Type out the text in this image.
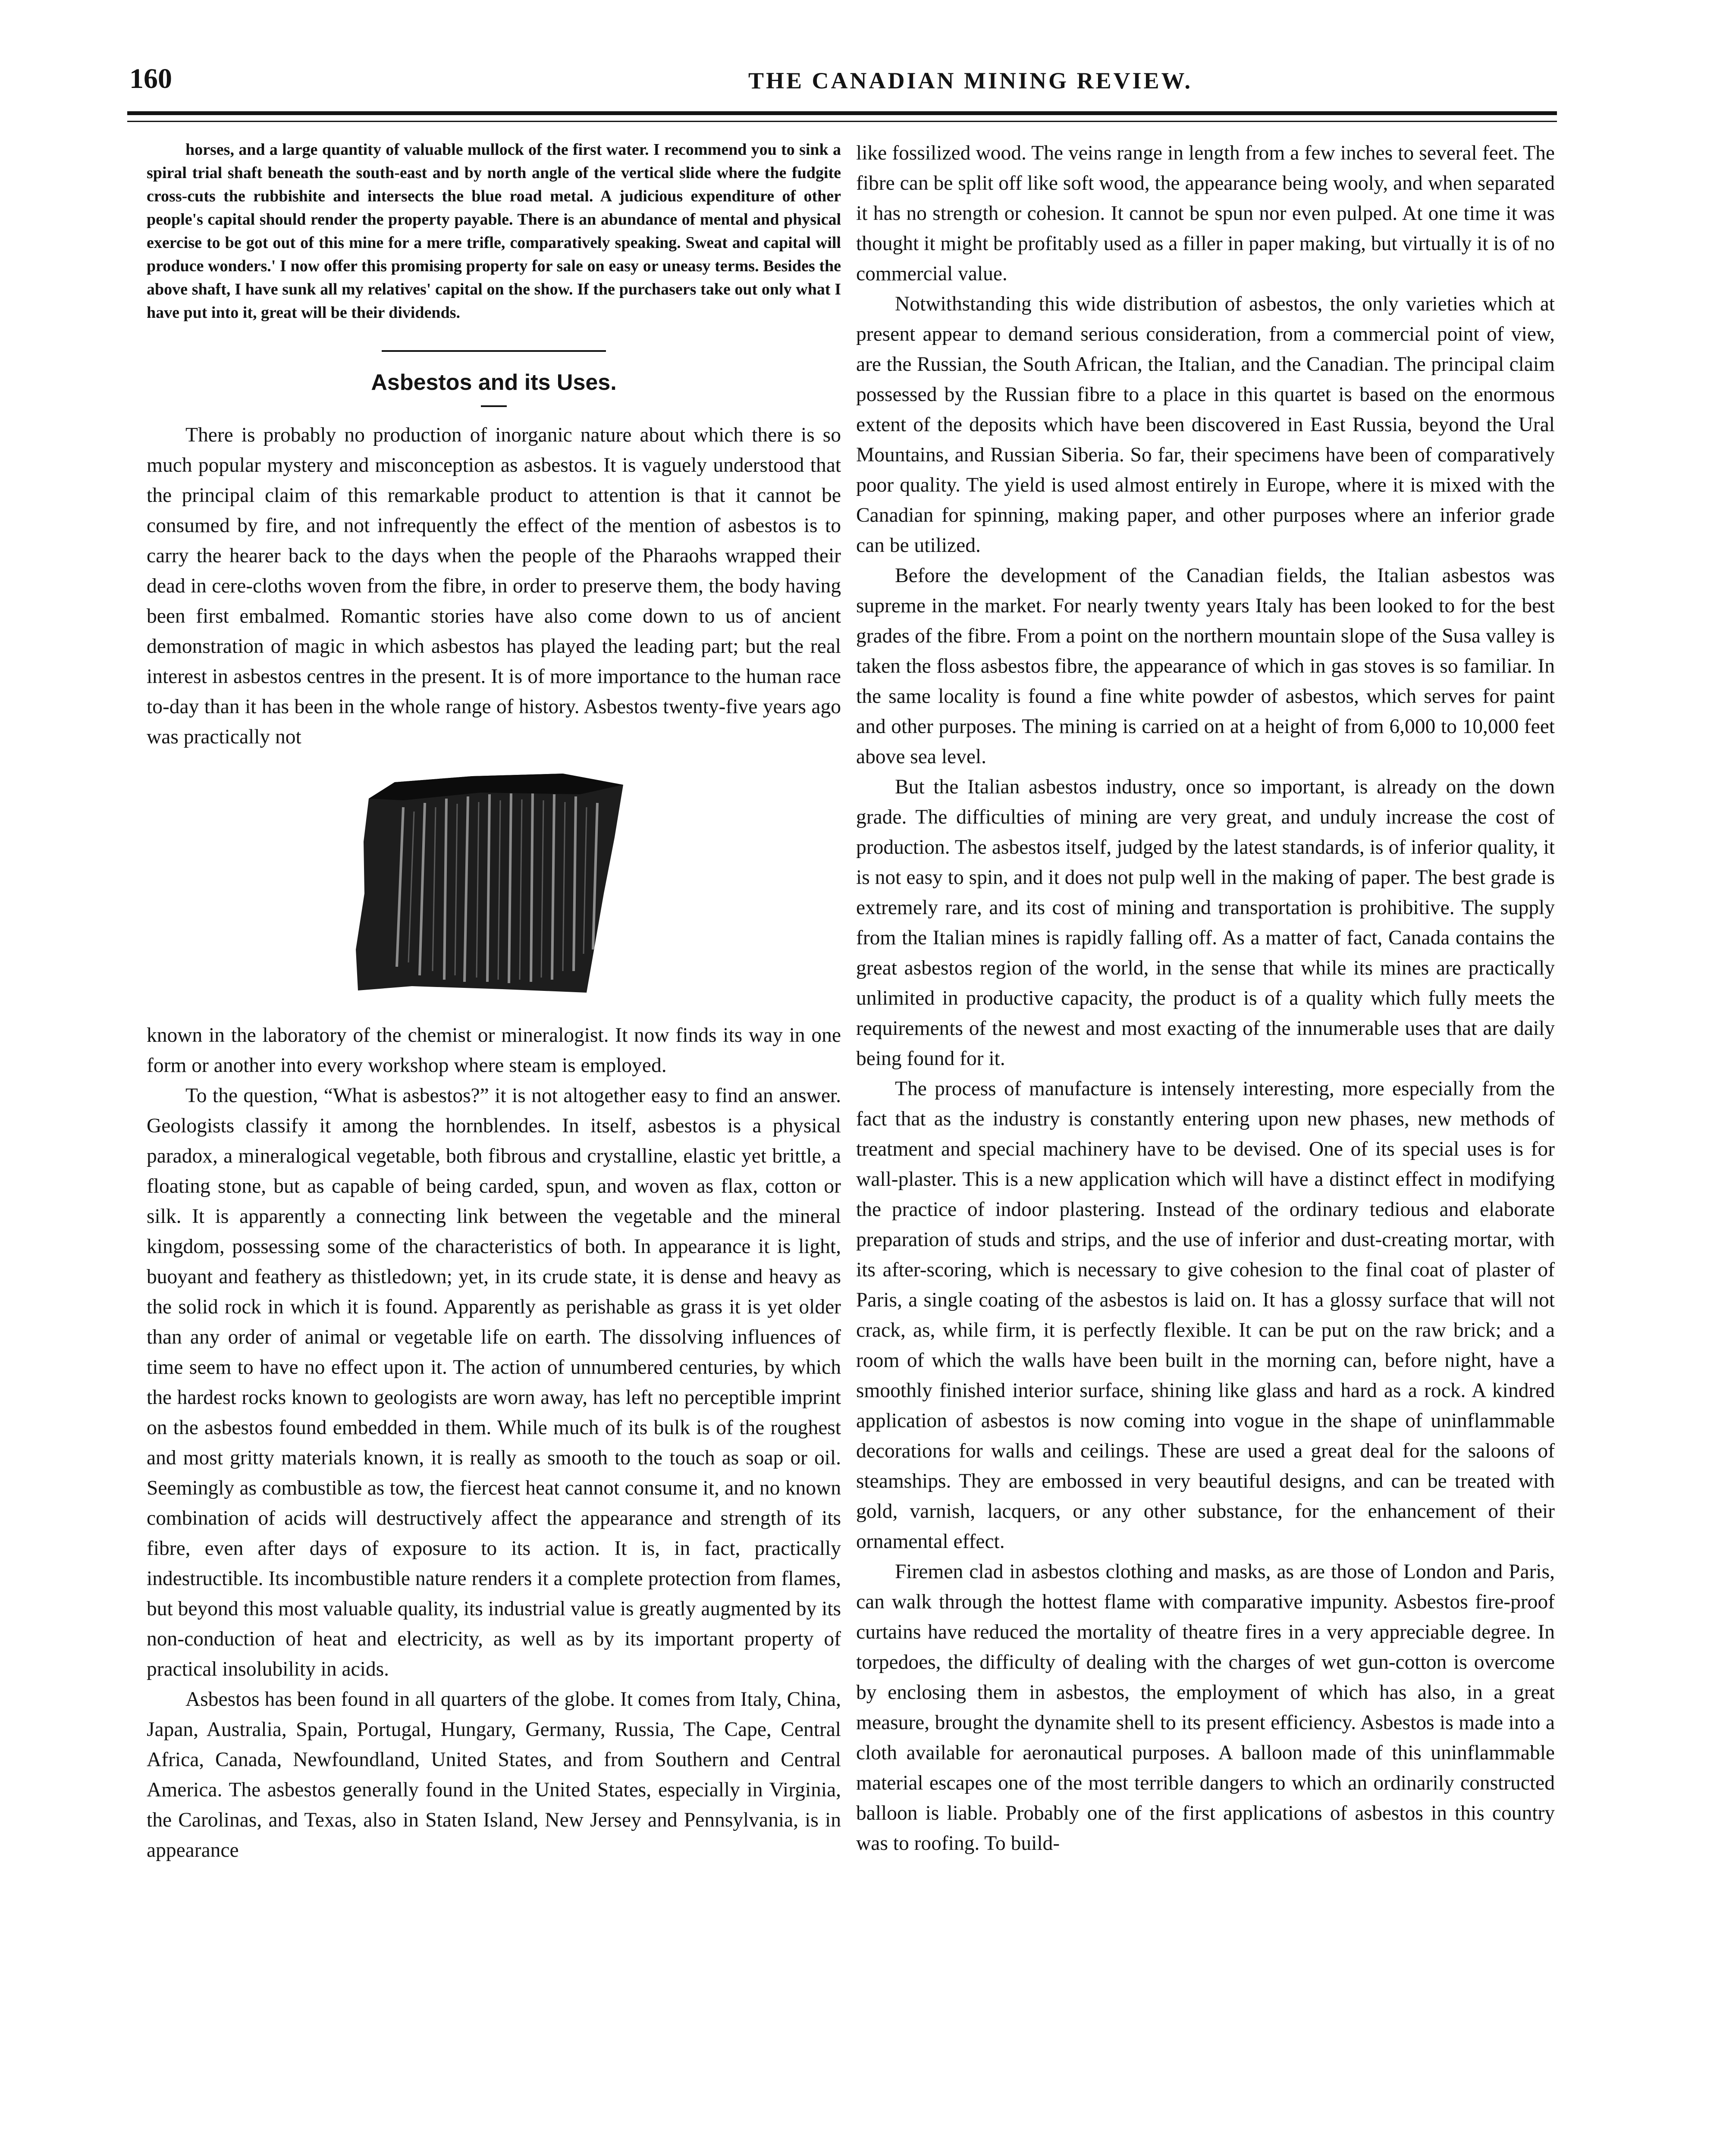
160	THE CANADIAN MINING REVIEW.

horses, and a large quantity of valuable mullock of the first water. I recommend you to sink a spiral trial shaft beneath the south-east and by north angle of the vertical slide where the fudgite cross-cuts the rubbishite and intersects the blue road metal. A judicious expenditure of other people's capital should render the property payable. There is an abundance of mental and physical exercise to be got out of this mine for a mere trifle, comparatively speaking. Sweat and capital will produce wonders.' I now offer this promising property for sale on easy or uneasy terms. Besides the above shaft, I have sunk all my relatives' capital on the show. If the purchasers take out only what I have put into it, great will be their dividends.

Asbestos and its Uses.

There is probably no production of inorganic nature about which there is so much popular mystery and misconception as asbestos. It is vaguely understood that the principal claim of this remarkable product to attention is that it cannot be consumed by fire, and not infrequently the effect of the mention of asbestos is to carry the hearer back to the days when the people of the Pharaohs wrapped their dead in cere-cloths woven from the fibre, in order to preserve them, the body having been first embalmed. Romantic stories have also come down to us of ancient demonstration of magic in which asbestos has played the leading part; but the real interest in asbestos centres in the present. It is of more importance to the human race to-day than it has been in the whole range of history. Asbestos twenty-five years ago was practically not

known in the laboratory of the chemist or mineralogist. It now finds its way in one form or another into every workshop where steam is employed.

To the question, “What is asbestos?” it is not altogether easy to find an answer. Geologists classify it among the hornblendes. In itself, asbestos is a physical paradox, a mineralogical vegetable, both fibrous and crystalline, elastic yet brittle, a floating stone, but as capable of being carded, spun, and woven as flax, cotton or silk. It is apparently a connecting link between the vegetable and the mineral kingdom, possessing some of the characteristics of both. In appearance it is light, buoyant and feathery as thistledown; yet, in its crude state, it is dense and heavy as the solid rock in which it is found. Apparently as perishable as grass it is yet older than any order of animal or vegetable life on earth. The dissolving influences of time seem to have no effect upon it. The action of unnumbered centuries, by which the hardest rocks known to geologists are worn away, has left no perceptible imprint on the asbestos found embedded in them. While much of its bulk is of the roughest and most gritty materials known, it is really as smooth to the touch as soap or oil. Seemingly as combustible as tow, the fiercest heat cannot consume it, and no known combination of acids will destructively affect the appearance and strength of its fibre, even after days of exposure to its action. It is, in fact, practically indestructible. Its incombustible nature renders it a complete protection from flames, but beyond this most valuable quality, its industrial value is greatly augmented by its non-conduction of heat and electricity, as well as by its important property of practical insolubility in acids.

Asbestos has been found in all quarters of the globe. It comes from Italy, China, Japan, Australia, Spain, Portugal, Hungary, Germany, Russia, The Cape, Central Africa, Canada, Newfoundland, United States, and from Southern and Central America. The asbestos generally found in the United States, especially in Virginia, the Carolinas, and Texas, also in Staten Island, New Jersey and Pennsylvania, is in appearance

like fossilized wood. The veins range in length from a few inches to several feet. The fibre can be split off like soft wood, the appearance being wooly, and when separated it has no strength or cohesion. It cannot be spun nor even pulped. At one time it was thought it might be profitably used as a filler in paper making, but virtually it is of no commercial value.

Notwithstanding this wide distribution of asbestos, the only varieties which at present appear to demand serious consideration, from a commercial point of view, are the Russian, the South African, the Italian, and the Canadian. The principal claim possessed by the Russian fibre to a place in this quartet is based on the enormous extent of the deposits which have been discovered in East Russia, beyond the Ural Mountains, and Russian Siberia. So far, their specimens have been of comparatively poor quality. The yield is used almost entirely in Europe, where it is mixed with the Canadian for spinning, making paper, and other purposes where an inferior grade can be utilized.

Before the development of the Canadian fields, the Italian asbestos was supreme in the market. For nearly twenty years Italy has been looked to for the best grades of the fibre. From a point on the northern mountain slope of the Susa valley is taken the floss asbestos fibre, the appearance of which in gas stoves is so familiar. In the same locality is found a fine white powder of asbestos, which serves for paint and other purposes. The mining is carried on at a height of from 6,000 to 10,000 feet above sea level.

But the Italian asbestos industry, once so important, is already on the down grade. The difficulties of mining are very great, and unduly increase the cost of production. The asbestos itself, judged by the latest standards, is of inferior quality, it is not easy to spin, and it does not pulp well in the making of paper. The best grade is extremely rare, and its cost of mining and transportation is prohibitive. The supply from the Italian mines is rapidly falling off. As a matter of fact, Canada contains the great asbestos region of the world, in the sense that while its mines are practically unlimited in productive capacity, the product is of a quality which fully meets the requirements of the newest and most exacting of the innumerable uses that are daily being found for it.

The process of manufacture is intensely interesting, more especially from the fact that as the industry is constantly entering upon new phases, new methods of treatment and special machinery have to be devised. One of its special uses is for wall-plaster. This is a new application which will have a distinct effect in modifying the practice of indoor plastering. Instead of the ordinary tedious and elaborate preparation of studs and strips, and the use of inferior and dust-creating mortar, with its after-scoring, which is necessary to give cohesion to the final coat of plaster of Paris, a single coating of the asbestos is laid on. It has a glossy surface that will not crack, as, while firm, it is perfectly flexible. It can be put on the raw brick; and a room of which the walls have been built in the morning can, before night, have a smoothly finished interior surface, shining like glass and hard as a rock. A kindred application of asbestos is now coming into vogue in the shape of uninflammable decorations for walls and ceilings. These are used a great deal for the saloons of steamships. They are embossed in very beautiful designs, and can be treated with gold, varnish, lacquers, or any other substance, for the enhancement of their ornamental effect.

Firemen clad in asbestos clothing and masks, as are those of London and Paris, can walk through the hottest flame with comparative impunity. Asbestos fire-proof curtains have reduced the mortality of theatre fires in a very appreciable degree. In torpedoes, the difficulty of dealing with the charges of wet gun-cotton is overcome by enclosing them in asbestos, the employment of which has also, in a great measure, brought the dynamite shell to its present efficiency. Asbestos is made into a cloth available for aeronautical purposes. A balloon made of this uninflammable material escapes one of the most terrible dangers to which an ordinarily constructed balloon is liable. Probably one of the first applications of asbestos in this country was to roofing. To build-
